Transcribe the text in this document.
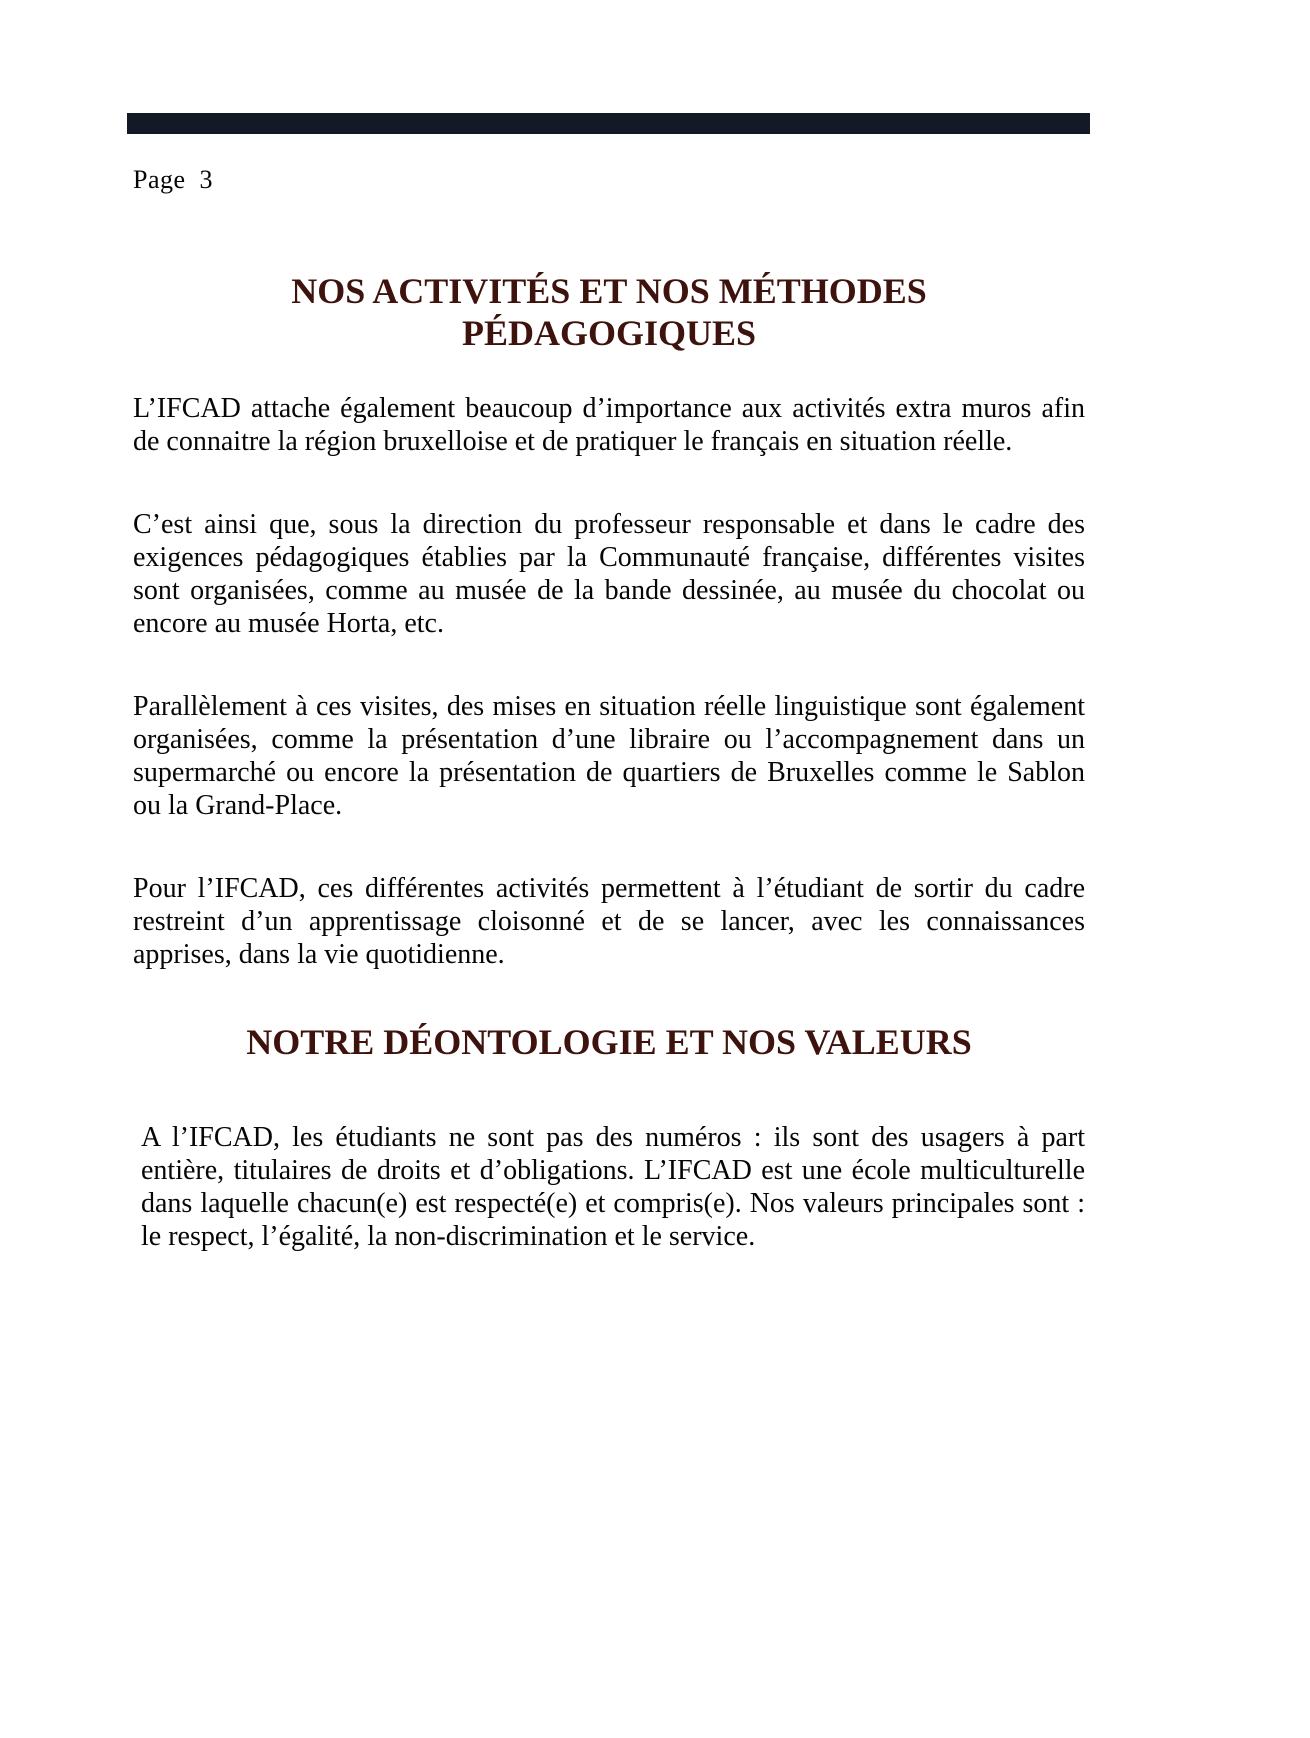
Page 3
NOS ACTIVITÉS ET NOS MÉTHODES PÉDAGOGIQUES

L’IFCAD attache également beaucoup d’importance aux activités extra muros afin de connaitre la région bruxelloise et de pratiquer le français en situation réelle.

C’est ainsi que, sous la direction du professeur responsable et dans le cadre des exigences pédagogiques établies par la Communauté française, différentes visites sont organisées, comme au musée de la bande dessinée, au musée du chocolat ou encore au musée Horta, etc.

Parallèlement à ces visites, des mises en situation réelle linguistique sont également organisées, comme la présentation d’une libraire ou l’accompagnement dans un supermarché ou encore la présentation de quartiers de Bruxelles comme le Sablon ou la Grand-Place.

Pour l’IFCAD, ces différentes activités permettent à l’étudiant de sortir du cadre restreint d’un apprentissage cloisonné et de se lancer, avec les connaissances apprises, dans la vie quotidienne.

NOTRE DÉONTOLOGIE ET NOS VALEURS

A l’IFCAD, les étudiants ne sont pas des numéros : ils sont des usagers à part entière, titulaires de droits et d’obligations. L’IFCAD est une école multiculturelle dans laquelle chacun(e) est respecté(e) et compris(e). Nos valeurs principales sont : le respect, l’égalité, la non-discrimination et le service.
